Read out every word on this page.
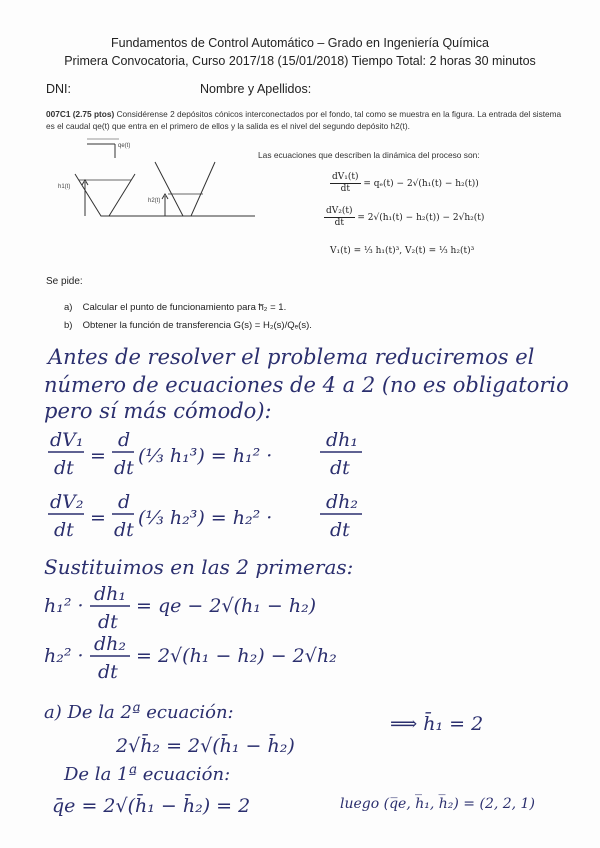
Fundamentos de Control Automático – Grado en Ingeniería Química
Primera Convocatoria, Curso 2017/18 (15/01/2018) Tiempo Total: 2 horas 30 minutos
DNI:	Nombre y Apellidos:
007C1 (2.75 ptos) Considérense 2 depósitos cónicos interconectados por el fondo, tal como se muestra en la figura. La entrada del sistema es el caudal qe(t) que entra en el primero de ellos y la salida es el nivel del segundo depósito h2(t).
qe(t)
h1(t)
h2(t)
Las ecuaciones que describen la dinámica del proceso son:
$\frac{\text{dV₁(t)}}{dt} = q_e(t) - 2√(h_1(t) - h_2(t))$
$\frac{\text{dV₂(t)}}{dt} = 2√(h_1(t) - h_2(t)) - 2√h_2(t)$
V₁(t) = ⅓ h₁(t)³, V₂(t) = ⅓ h₂(t)³
Se pide:
a) Calcular el punto de funcionamiento para h̅₂ = 1.
b) Obtener la función de transferencia G(s) = H₂(s)/Qₑ(s).
Antes de resolver el problema reduciremos el
número de ecuaciones de 4 a 2 (no es obligatorio
pero sí más cómodo):
dV₁
dt
=
d
dt
(⅓ h₁³) = h₁² ·
dh₁
dt
dV₂
dt
=
d
dt
(⅓ h₂³) = h₂² ·
dh₂
dt
Sustituimos en las 2 primeras:
h₁² ·
dh₁
dt
= qe − 2√(h₁ − h₂)
h₂² ·
dh₂
dt
= 2√(h₁ − h₂) − 2√h₂
a) De la 2ª ecuación:
2√h̄₂ = 2√(h̄₁ − h̄₂)
⟹ h̄₁ = 2
De la 1ª ecuación:
q̄e = 2√(h̄₁ − h̄₂) = 2	luego (q̅e, h̅₁, h̅₂) = (2, 2, 1)
